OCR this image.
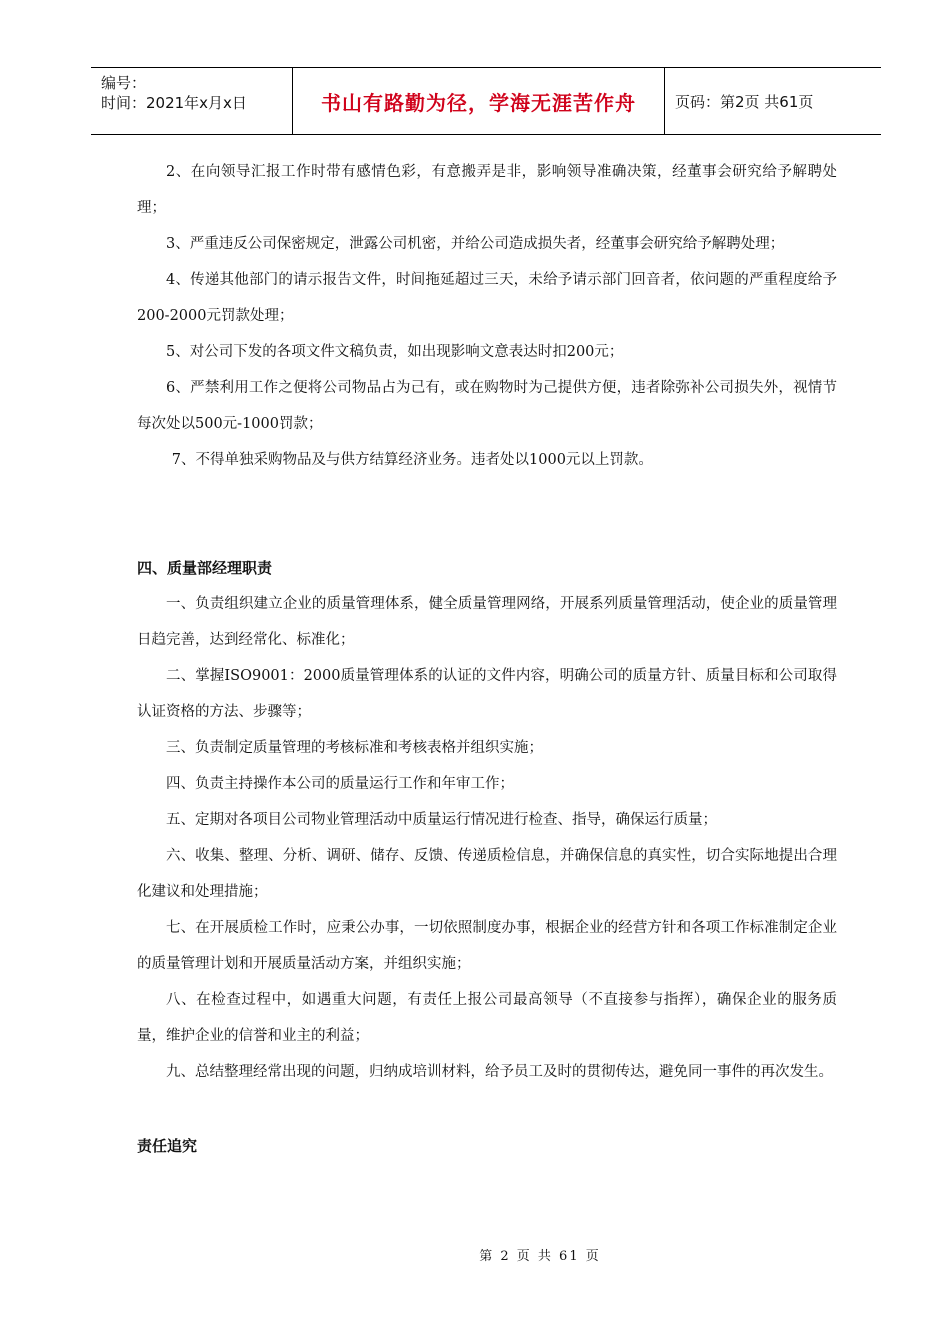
编号：
时间：2021年x月x日	书山有路勤为径，学海无涯苦作舟	页码：第2页 共61页

2、在向领导汇报工作时带有感情色彩，有意搬弄是非，影响领导准确决策，经董事会研究给予解聘处理；

3、严重违反公司保密规定，泄露公司机密，并给公司造成损失者，经董事会研究给予解聘处理；

4、传递其他部门的请示报告文件，时间拖延超过三天，未给予请示部门回音者，依问题的严重程度给予200-2000元罚款处理；

5、对公司下发的各项文件文稿负责，如出现影响文意表达时扣200元；

6、严禁利用工作之便将公司物品占为己有，或在购物时为己提供方便，违者除弥补公司损失外，视情节每次处以500元-1000罚款；

7、不得单独采购物品及与供方结算经济业务。违者处以1000元以上罚款。

四、质量部经理职责

一、负责组织建立企业的质量管理体系，健全质量管理网络，开展系列质量管理活动，使企业的质量管理日趋完善，达到经常化、标准化；

二、掌握ISO9001：2000质量管理体系的认证的文件内容，明确公司的质量方针、质量目标和公司取得认证资格的方法、步骤等；

三、负责制定质量管理的考核标准和考核表格并组织实施；

四、负责主持操作本公司的质量运行工作和年审工作；

五、定期对各项目公司物业管理活动中质量运行情况进行检查、指导，确保运行质量；

六、收集、整理、分析、调研、储存、反馈、传递质检信息，并确保信息的真实性，切合实际地提出合理化建议和处理措施；

七、在开展质检工作时，应秉公办事，一切依照制度办事，根据企业的经营方针和各项工作标准制定企业的质量管理计划和开展质量活动方案，并组织实施；

八、在检查过程中，如遇重大问题，有责任上报公司最高领导（不直接参与指挥），确保企业的服务质量，维护企业的信誉和业主的利益；

九、总结整理经常出现的问题，归纳成培训材料，给予员工及时的贯彻传达，避免同一事件的再次发生。

责任追究
第 2 页 共 61 页
